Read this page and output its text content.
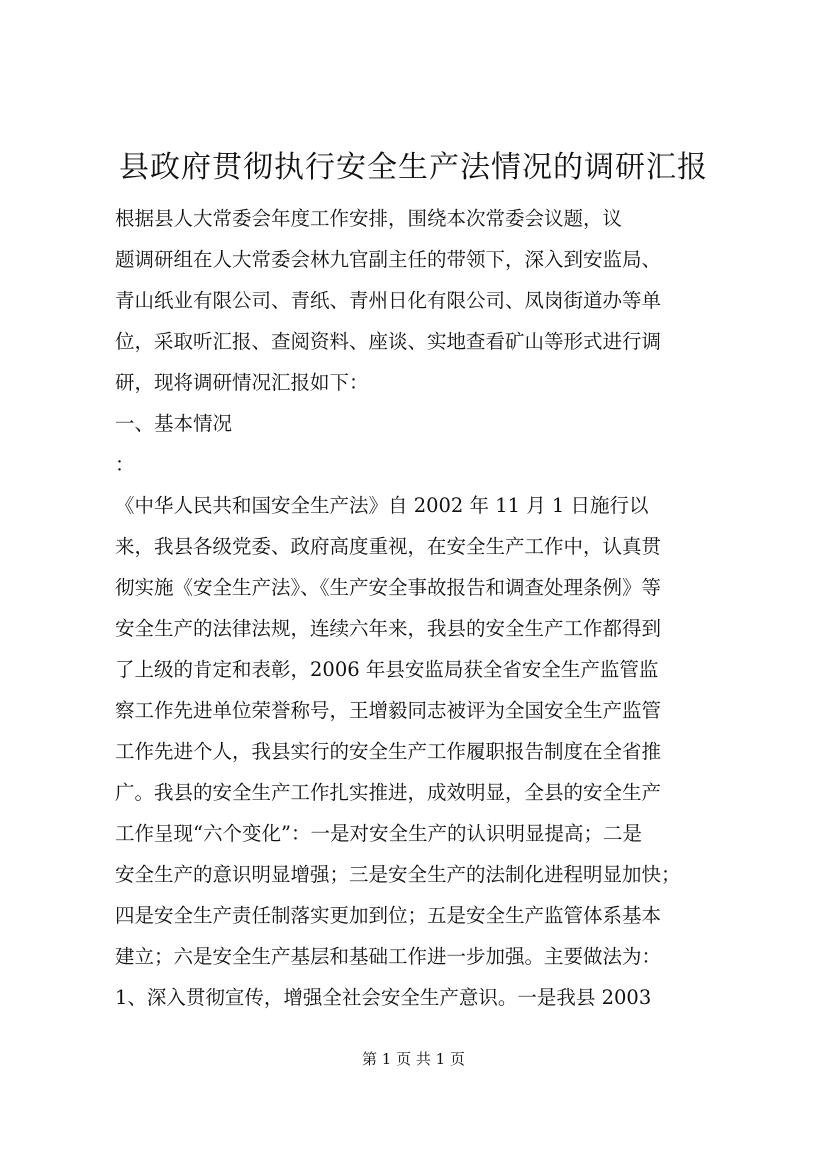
县政府贯彻执行安全生产法情况的调研汇报
根据县人大常委会年度工作安排，围绕本次常委会议题，议
题调研组在人大常委会林九官副主任的带领下，深入到安监局、
青山纸业有限公司、青纸、青州日化有限公司、凤岗街道办等单
位，采取听汇报、查阅资料、座谈、实地查看矿山等形式进行调
研，现将调研情况汇报如下：
一、基本情况
：
《中华人民共和国安全生产法》自 2002 年 11 月 1 日施行以
来，我县各级党委、政府高度重视，在安全生产工作中，认真贯
彻实施《安全生产法》、《生产安全事故报告和调查处理条例》等
安全生产的法律法规，连续六年来，我县的安全生产工作都得到
了上级的肯定和表彰，2006 年县安监局获全省安全生产监管监
察工作先进单位荣誉称号，王增毅同志被评为全国安全生产监管
工作先进个人，我县实行的安全生产工作履职报告制度在全省推
广。我县的安全生产工作扎实推进，成效明显，全县的安全生产
工作呈现“六个变化”：一是对安全生产的认识明显提高；二是
安全生产的意识明显增强；三是安全生产的法制化进程明显加快；
四是安全生产责任制落实更加到位；五是安全生产监管体系基本
建立；六是安全生产基层和基础工作进一步加强。主要做法为：
1、深入贯彻宣传，增强全社会安全生产意识。一是我县 2003
第 1 页 共 1 页
